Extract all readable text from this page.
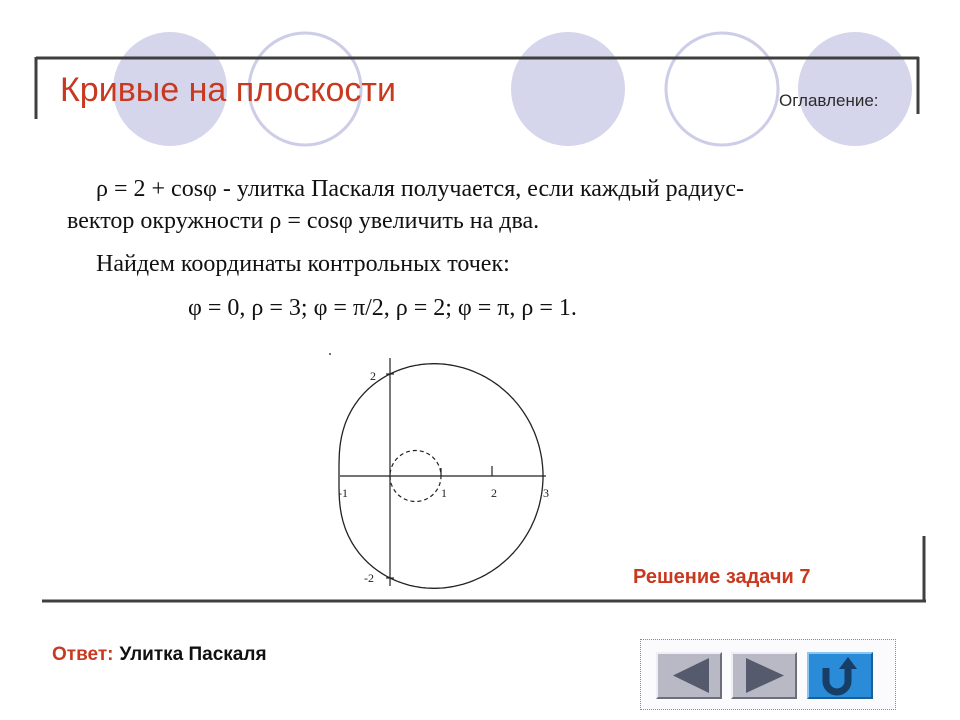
Кривые на плоскости	Оглавление:
ρ = 2 + cosφ - улитка Паскаля получается, если каждый радиус-
вектор окружности ρ = cosφ увеличить на два.
Найдем координаты контрольных точек:
φ = 0, ρ = 3; φ = π/2, ρ = 2; φ = π, ρ = 1.
-1	1	2	3
2
-2	Решение задачи 7
Ответ: Улитка Паскаля
